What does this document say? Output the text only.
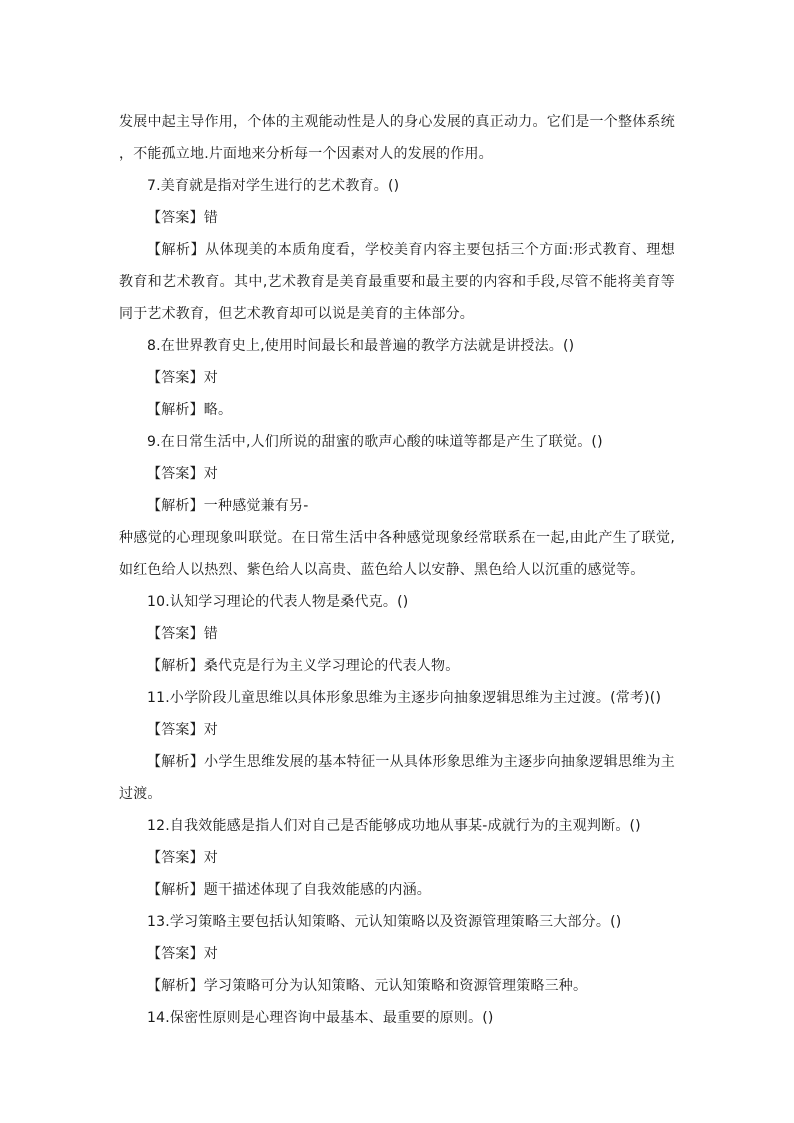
发展中起主导作用，个体的主观能动性是人的身心发展的真正动力。它们是一个整体系统
，不能孤立地.片面地来分析每一个因素对人的发展的作用。
7.美育就是指对学生进行的艺术教育。()
【答案】错
【解析】从体现美的本质角度看，学校美育内容主要包括三个方面:形式教育、理想
教育和艺术教育。其中,艺术教育是美育最重要和最主要的内容和手段,尽管不能将美育等
同于艺术教育，但艺术教育却可以说是美育的主体部分。
8.在世界教育史上,使用时间最长和最普遍的教学方法就是讲授法。()
【答案】对
【解析】略。
9.在日常生活中,人们所说的甜蜜的歌声心酸的味道等都是产生了联觉。()
【答案】对
【解析】一种感觉兼有另-
种感觉的心理现象叫联觉。在日常生活中各种感觉现象经常联系在一起,由此产生了联觉,
如红色给人以热烈、紫色给人以高贵、蓝色给人以安静、黑色给人以沉重的感觉等。
10.认知学习理论的代表人物是桑代克。()
【答案】错
【解析】桑代克是行为主义学习理论的代表人物。
11.小学阶段儿童思维以具体形象思维为主逐步向抽象逻辑思维为主过渡。(常考)()
【答案】对
【解析】小学生思维发展的基本特征一从具体形象思维为主逐步向抽象逻辑思维为主
过渡。
12.自我效能感是指人们对自己是否能够成功地从事某-成就行为的主观判断。()
【答案】对
【解析】题干描述体现了自我效能感的内涵。
13.学习策略主要包括认知策略、元认知策略以及资源管理策略三大部分。()
【答案】对
【解析】学习策略可分为认知策略、元认知策略和资源管理策略三种。
14.保密性原则是心理咨询中最基本、最重要的原则。()
